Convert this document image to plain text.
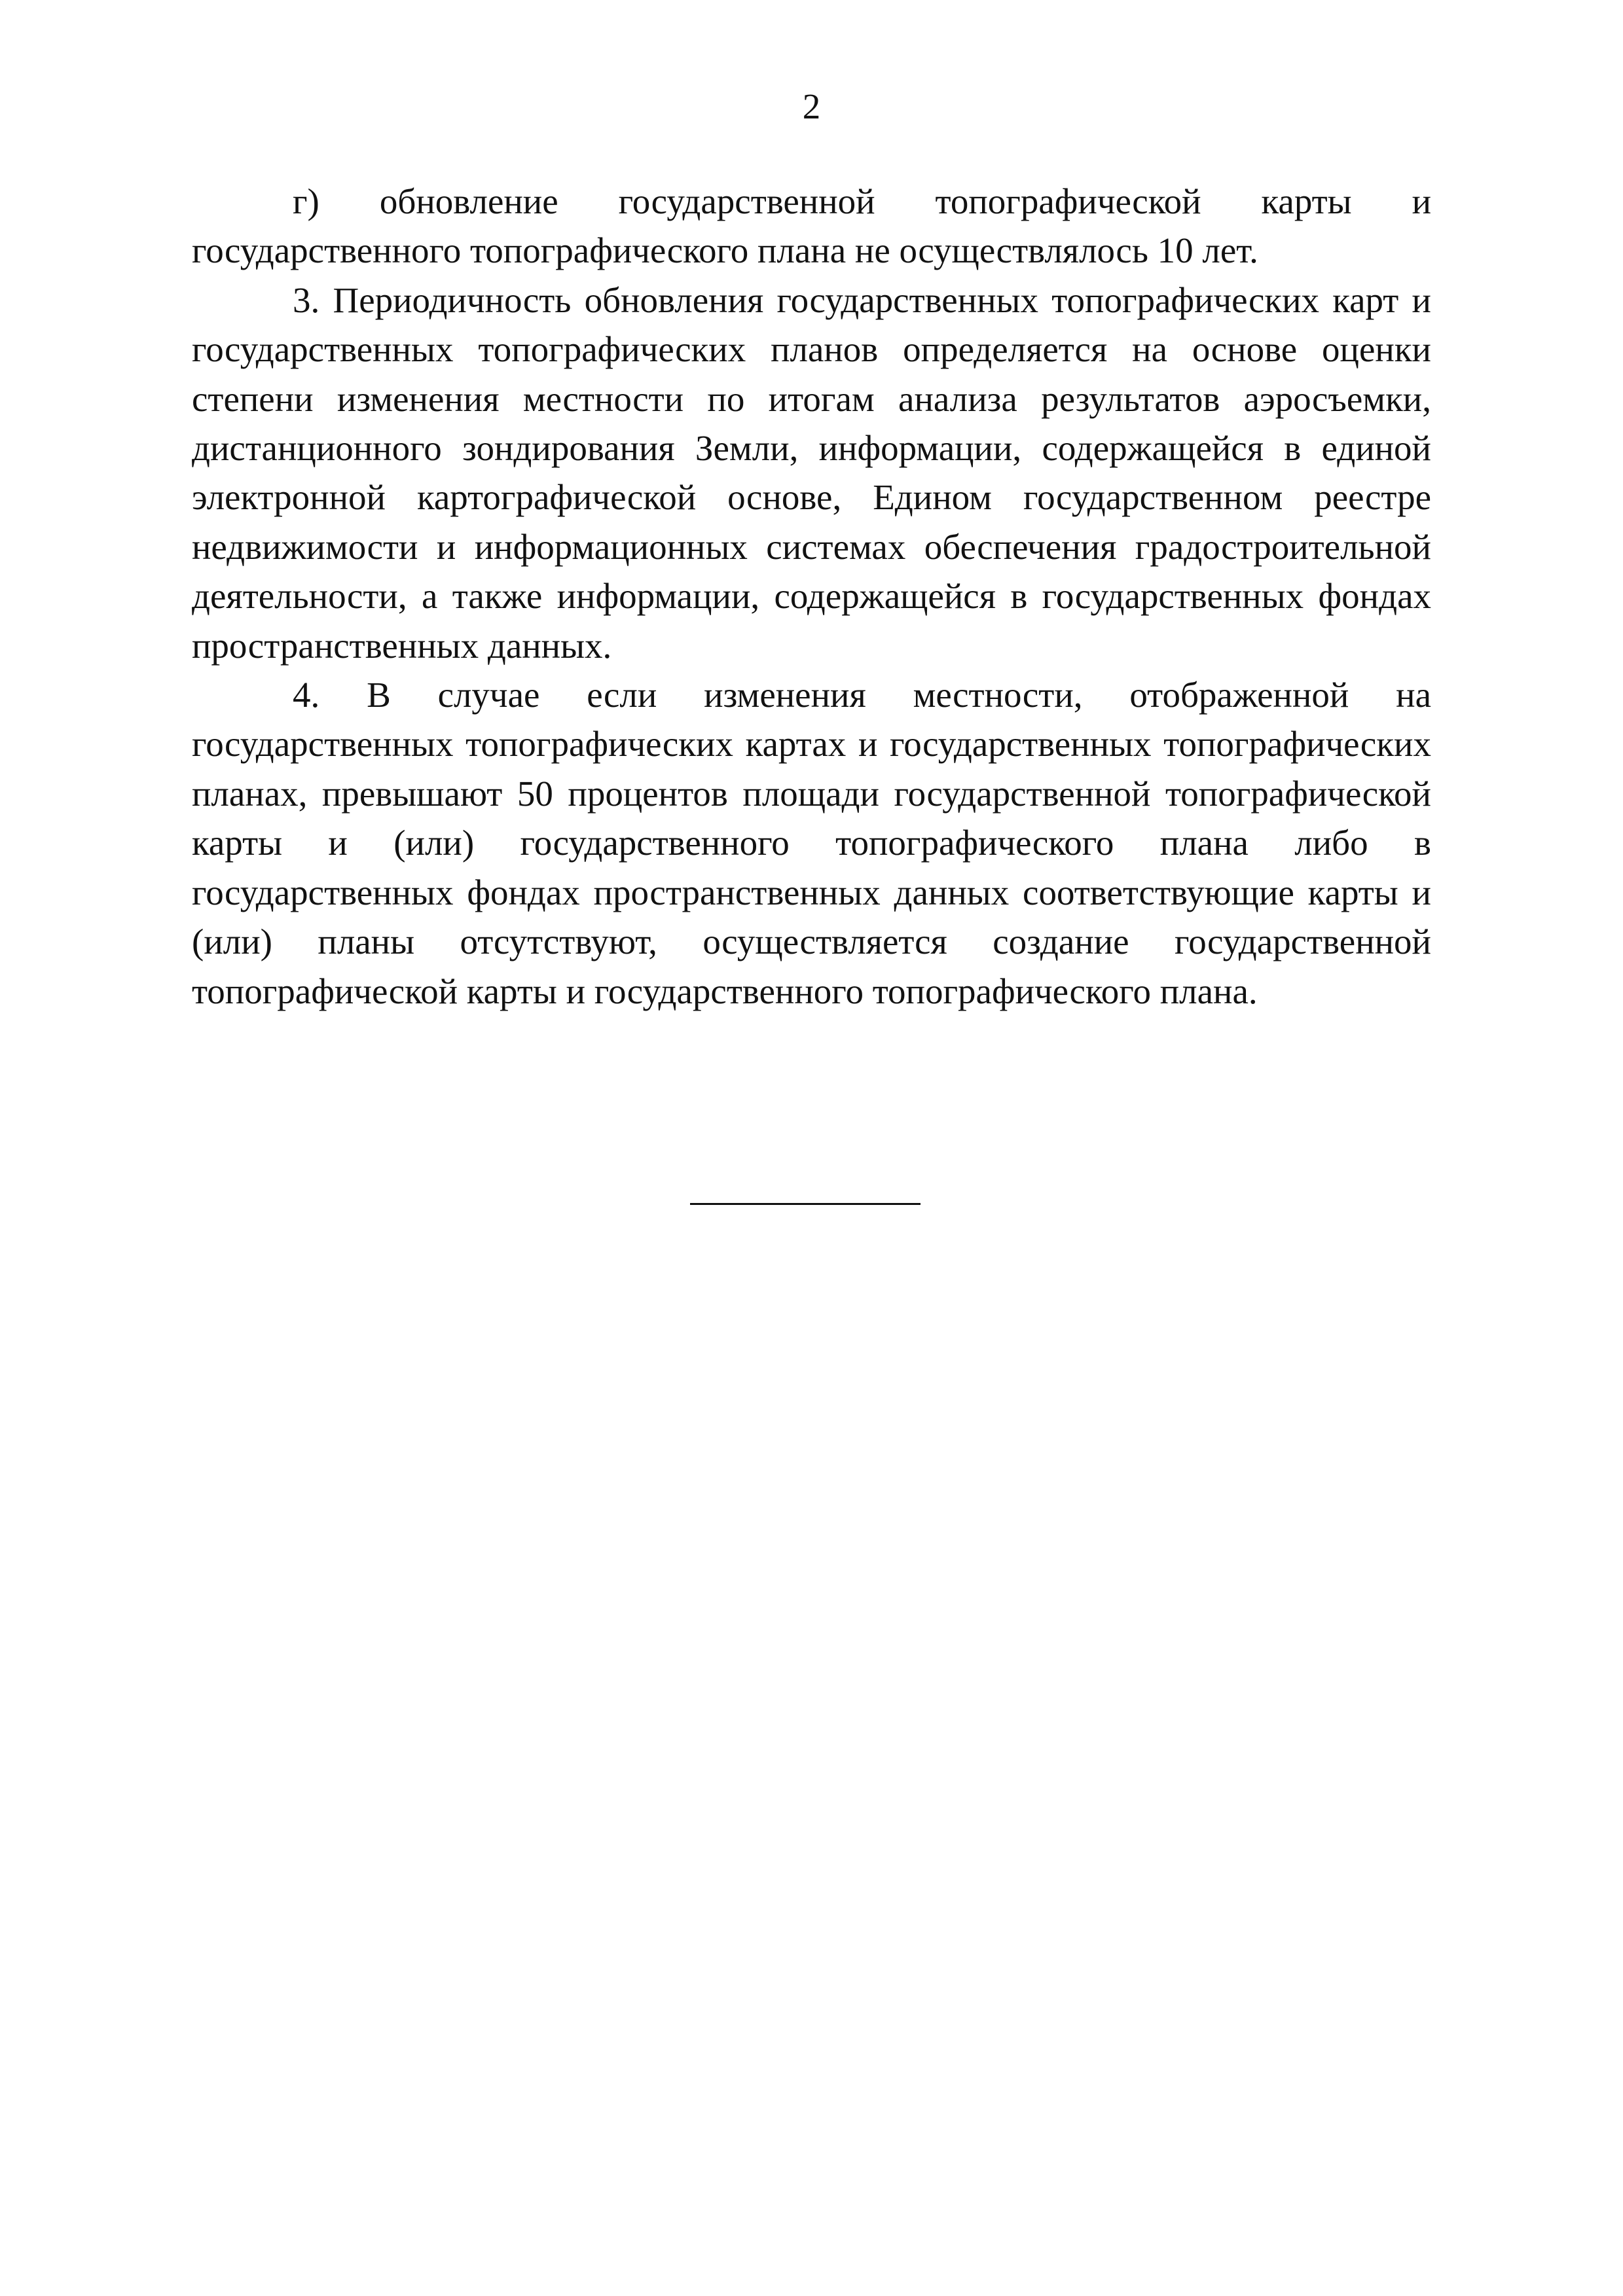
2

г) обновление государственной топографической карты и государственного топографического плана не осуществлялось 10 лет.

3. Периодичность обновления государственных топографических карт и государственных топографических планов определяется на основе оценки степени изменения местности по итогам анализа результатов аэросъемки, дистанционного зондирования Земли, информации, содержащейся в единой электронной картографической основе, Едином государственном реестре недвижимости и информационных системах обеспечения градостроительной деятельности, а также информации, содержащейся в государственных фондах пространственных данных.

4. В случае если изменения местности, отображенной на государственных топографических картах и государственных топографических планах, превышают 50 процентов площади государственной топографической карты и (или) государственного топографического плана либо в государственных фондах пространственных данных соответствующие карты и (или) планы отсутствуют, осуществляется создание государственной топографической карты и государственного топографического плана.
